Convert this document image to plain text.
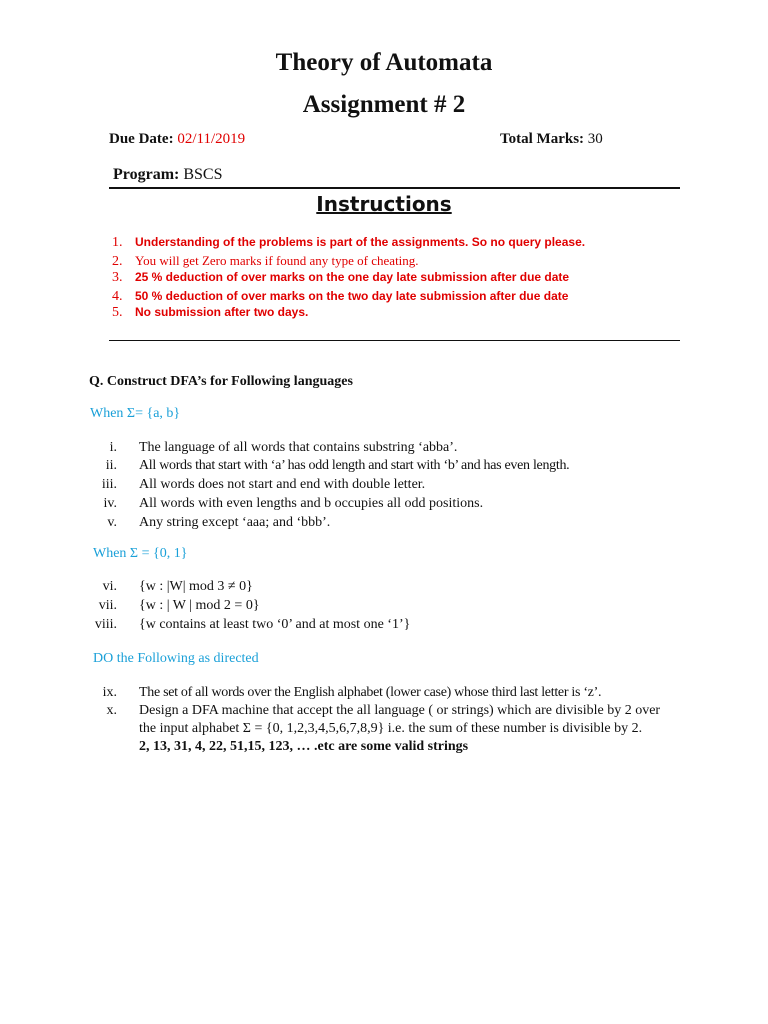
Theory of Automata
Assignment # 2
Due Date: 02/11/2019	Total Marks: 30
Program: BSCS
Instructions
1. Understanding of the problems is part of the assignments. So no query please.
2. You will get Zero marks if found any type of cheating.
3. 25 % deduction of over marks on the one day late submission after due date
4. 50 % deduction of over marks on the two day late submission after due date
5. No submission after two days.
Q. Construct DFA’s for Following languages
When Σ= {a, b}
i. The language of all words that contains substring ‘abba’.
ii. All words that start with ‘a’ has odd length and start with ‘b’ and has even length.
iii. All words does not start and end with double letter.
iv. All words with even lengths and b occupies all odd positions.
v. Any string except ‘aaa; and ‘bbb’.
When Σ = {0, 1}
vi. {w : |W| mod 3 ≠ 0}
vii. {w : | W | mod 2 = 0}
viii. {w contains at least two ‘0’ and at most one ‘1’}
DO the Following as directed
ix. The set of all words over the English alphabet (lower case) whose third last letter is ‘z’.
x. Design a DFA machine that accept the all language ( or strings) which are divisible by 2 over
the input alphabet Σ = {0, 1,2,3,4,5,6,7,8,9} i.e. the sum of these number is divisible by 2.
2, 13, 31, 4, 22, 51,15, 123, … .etc are some valid strings
